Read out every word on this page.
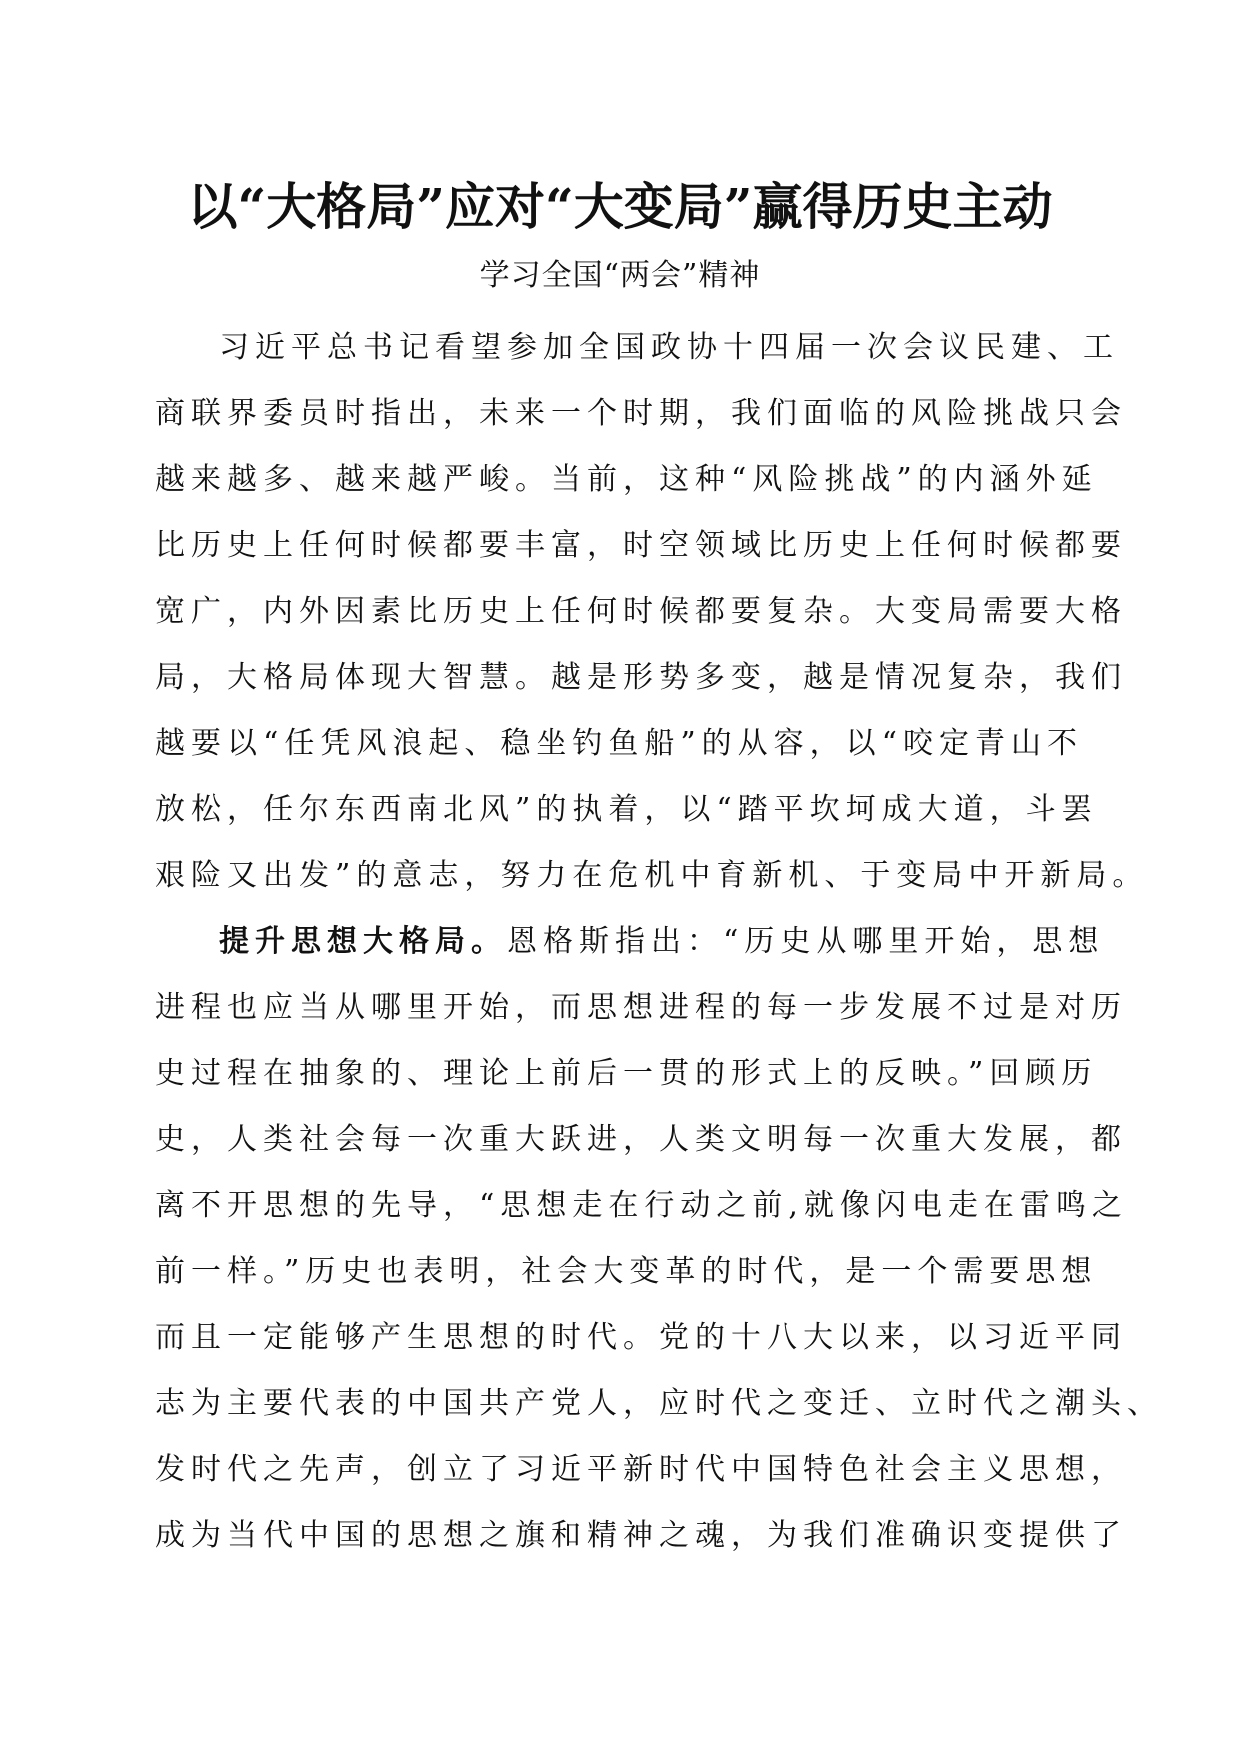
以“大格局”应对“大变局”赢得历史主动
学习全国“两会”精神
习近平总书记看望参加全国政协十四届一次会议民建、工
商联界委员时指出，未来一个时期，我们面临的风险挑战只会
越来越多、越来越严峻。当前，这种“风险挑战”的内涵外延
比历史上任何时候都要丰富，时空领域比历史上任何时候都要
宽广，内外因素比历史上任何时候都要复杂。大变局需要大格
局，大格局体现大智慧。越是形势多变，越是情况复杂，我们
越要以“任凭风浪起、稳坐钓鱼船”的从容，以“咬定青山不
放松，任尔东西南北风”的执着，以“踏平坎坷成大道，斗罢
艰险又出发”的意志，努力在危机中育新机、于变局中开新局。
提升思想大格局。恩格斯指出：“历史从哪里开始，思想
进程也应当从哪里开始，而思想进程的每一步发展不过是对历
史过程在抽象的、理论上前后一贯的形式上的反映。”回顾历
史，人类社会每一次重大跃进，人类文明每一次重大发展，都
离不开思想的先导，“思想走在行动之前,就像闪电走在雷鸣之
前一样。”历史也表明，社会大变革的时代，是一个需要思想
而且一定能够产生思想的时代。党的十八大以来，以习近平同
志为主要代表的中国共产党人，应时代之变迁、立时代之潮头、
发时代之先声，创立了习近平新时代中国特色社会主义思想，
成为当代中国的思想之旗和精神之魂，为我们准确识变提供了
